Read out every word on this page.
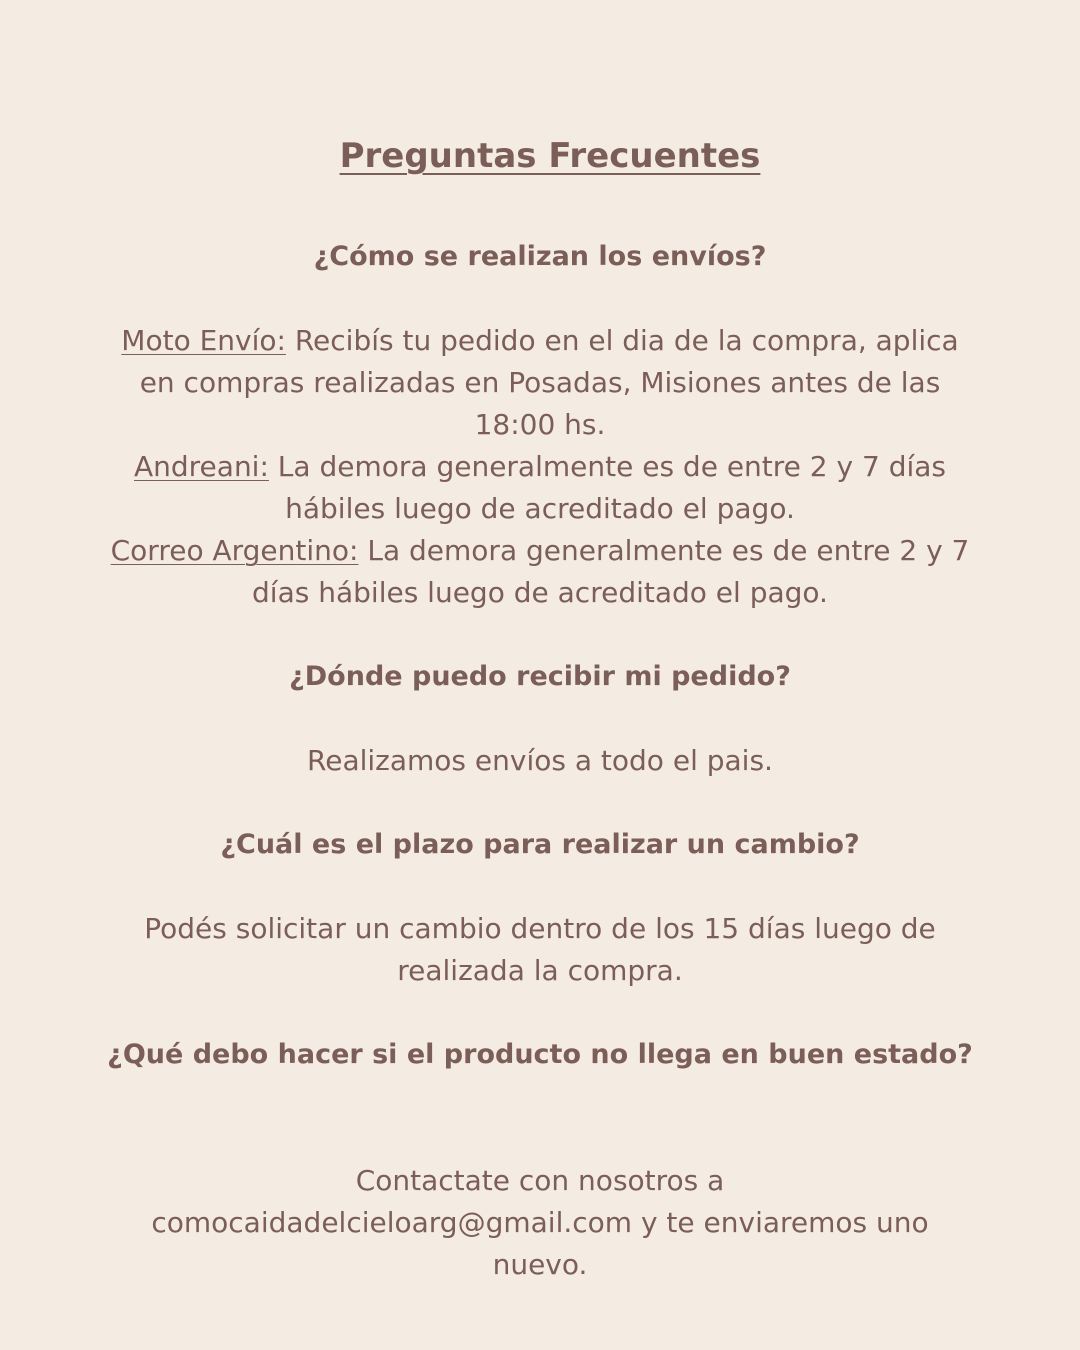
Preguntas Frecuentes

¿Cómo se realizan los envíos?

Moto Envío: Recibís tu pedido en el dia de la compra, aplica en compras realizadas en Posadas, Misiones antes de las 18:00 hs.
Andreani: La demora generalmente es de entre 2 y 7 días hábiles luego de acreditado el pago.
Correo Argentino: La demora generalmente es de entre 2 y 7 días hábiles luego de acreditado el pago.

¿Dónde puedo recibir mi pedido?

Realizamos envíos a todo el pais.

¿Cuál es el plazo para realizar un cambio?

Podés solicitar un cambio dentro de los 15 días luego de realizada la compra.

¿Qué debo hacer si el producto no llega en buen estado?

Contactate con nosotros a
comocaidadelcieloarg@gmail.com y te enviaremos uno nuevo.
